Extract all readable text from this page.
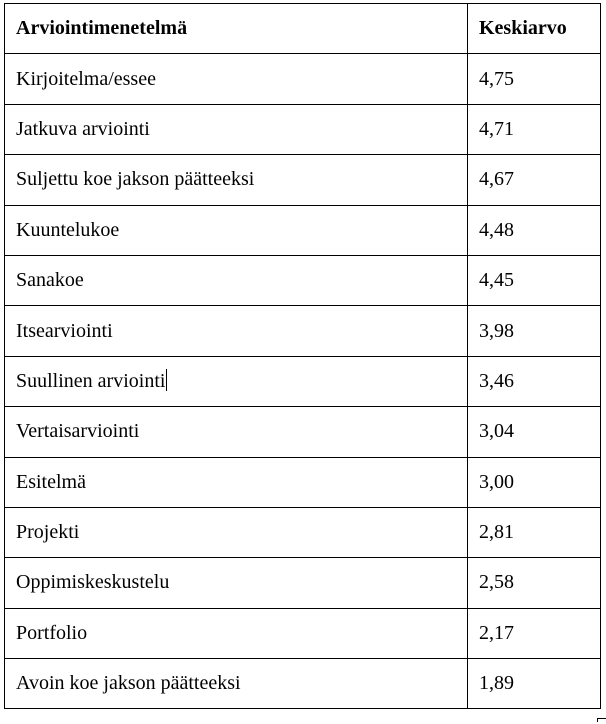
Arviointimenetelmä	Keskiarvo
Kirjoitelma/essee	4,75
Jatkuva arviointi	4,71
Suljettu koe jakson päätteeksi	4,67
Kuuntelukoe	4,48
Sanakoe	4,45
Itsearviointi	3,98
Suullinen arviointi	3,46
Vertaisarviointi	3,04
Esitelmä	3,00
Projekti	2,81
Oppimiskeskustelu	2,58
Portfolio	2,17
Avoin koe jakson päätteeksi	1,89
